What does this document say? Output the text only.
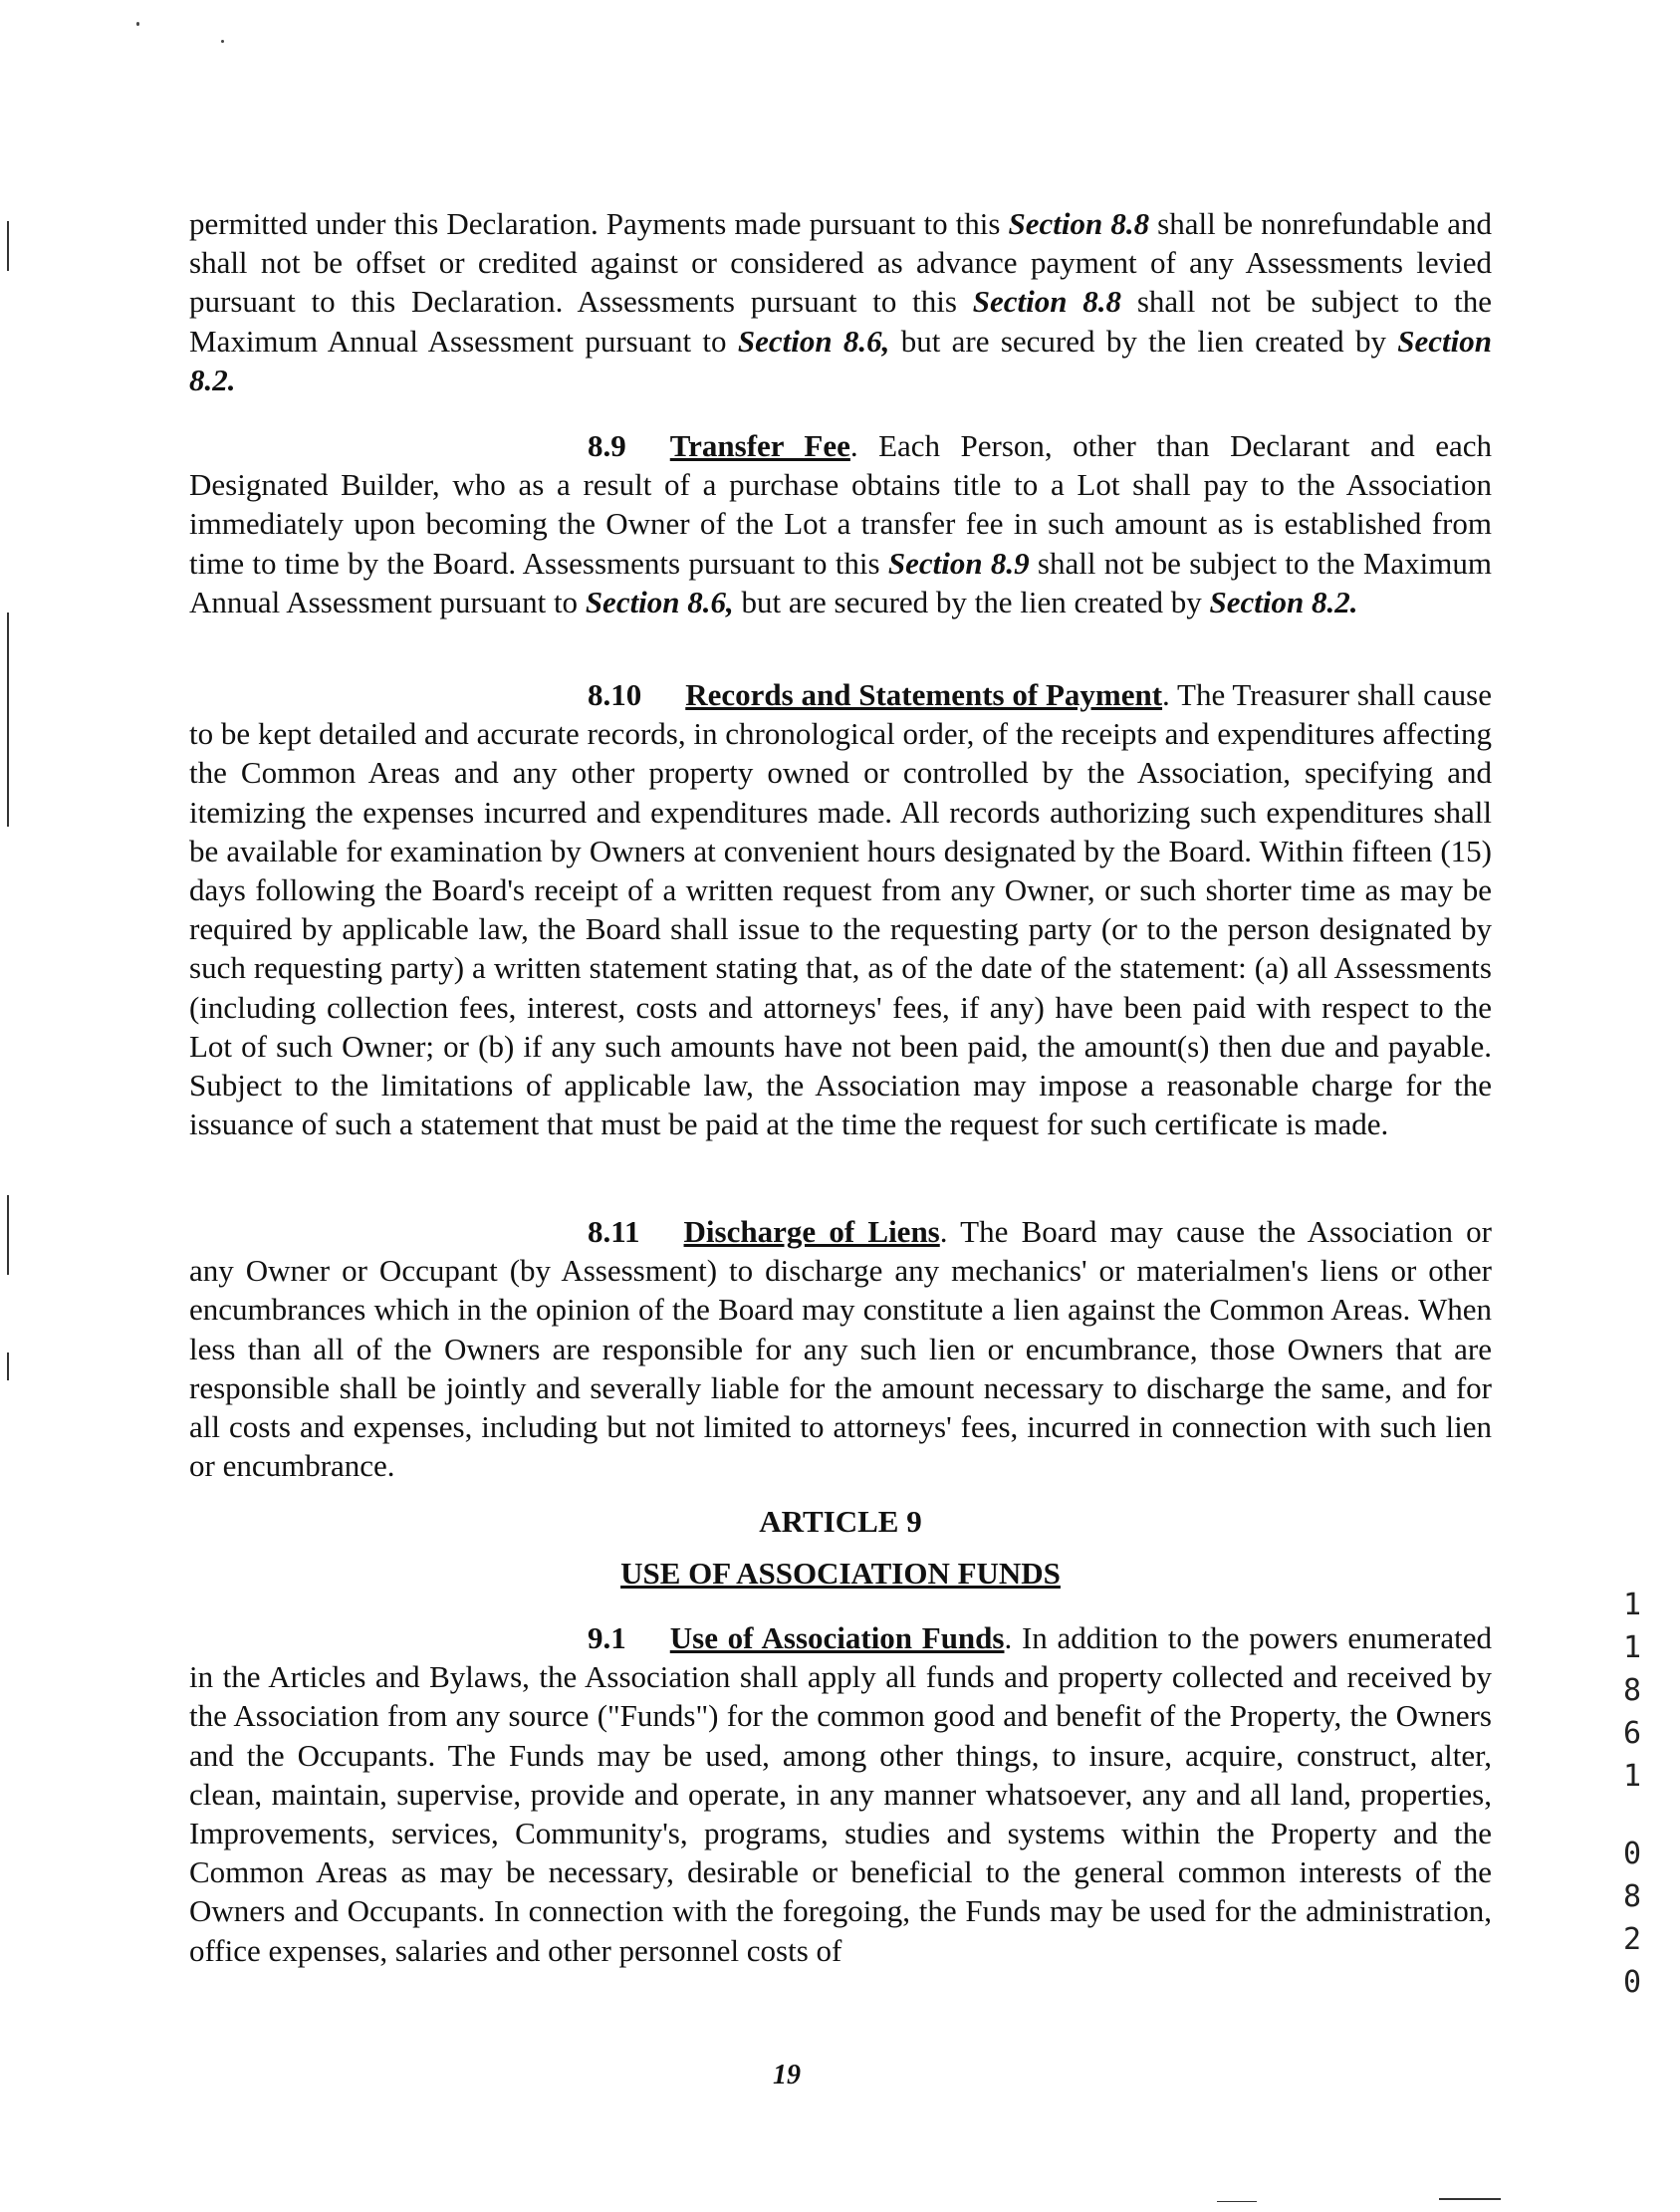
permitted under this Declaration. Payments made pursuant to this Section 8.8 shall be nonrefundable and shall not be offset or credited against or considered as advance payment of any Assessments levied pursuant to this Declaration. Assessments pursuant to this Section 8.8 shall not be subject to the Maximum Annual Assessment pursuant to Section 8.6, but are secured by the lien created by Section 8.2.

8.9 Transfer Fee. Each Person, other than Declarant and each Designated Builder, who as a result of a purchase obtains title to a Lot shall pay to the Association immediately upon becoming the Owner of the Lot a transfer fee in such amount as is established from time to time by the Board. Assessments pursuant to this Section 8.9 shall not be subject to the Maximum Annual Assessment pursuant to Section 8.6, but are secured by the lien created by Section 8.2.

8.10 Records and Statements of Payment. The Treasurer shall cause to be kept detailed and accurate records, in chronological order, of the receipts and expenditures affecting the Common Areas and any other property owned or controlled by the Association, specifying and itemizing the expenses incurred and expenditures made. All records authorizing such expenditures shall be available for examination by Owners at convenient hours designated by the Board. Within fifteen (15) days following the Board's receipt of a written request from any Owner, or such shorter time as may be required by applicable law, the Board shall issue to the requesting party (or to the person designated by such requesting party) a written statement stating that, as of the date of the statement: (a) all Assessments (including collection fees, interest, costs and attorneys' fees, if any) have been paid with respect to the Lot of such Owner; or (b) if any such amounts have not been paid, the amount(s) then due and payable. Subject to the limitations of applicable law, the Association may impose a reasonable charge for the issuance of such a statement that must be paid at the time the request for such certificate is made.

8.11 Discharge of Liens. The Board may cause the Association or any Owner or Occupant (by Assessment) to discharge any mechanics' or materialmen's liens or other encumbrances which in the opinion of the Board may constitute a lien against the Common Areas. When less than all of the Owners are responsible for any such lien or encumbrance, those Owners that are responsible shall be jointly and severally liable for the amount necessary to discharge the same, and for all costs and expenses, including but not limited to attorneys' fees, incurred in connection with such lien or encumbrance.

ARTICLE 9
USE OF ASSOCIATION FUNDS

9.1 Use of Association Funds. In addition to the powers enumerated in the Articles and Bylaws, the Association shall apply all funds and property collected and received by the Association from any source ("Funds") for the common good and benefit of the Property, the Owners and the Occupants. The Funds may be used, among other things, to insure, acquire, construct, alter, clean, maintain, supervise, provide and operate, in any manner whatsoever, any and all land, properties, Improvements, services, Community's, programs, studies and systems within the Property and the Common Areas as may be necessary, desirable or beneficial to the general common interests of the Owners and Occupants. In connection with the foregoing, the Funds may be used for the administration, office expenses, salaries and other personnel costs of

19
1
1
8
6
1
0
8
2
0
